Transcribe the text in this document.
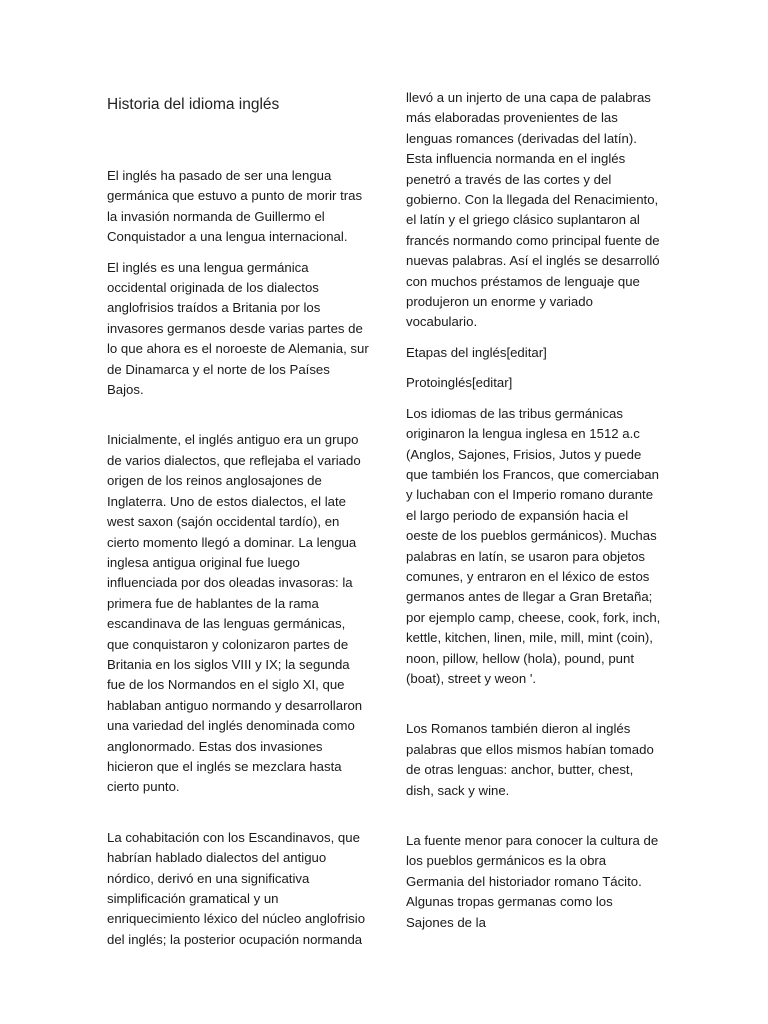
Historia del idioma inglés

El inglés ha pasado de ser una lengua germánica que estuvo a punto de morir tras la invasión normanda de Guillermo el Conquistador a una lengua internacional.

El inglés es una lengua germánica occidental originada de los dialectos anglofrisios traídos a Britania por los invasores germanos desde varias partes de lo que ahora es el noroeste de Alemania, sur de Dinamarca y el norte de los Países Bajos.

Inicialmente, el inglés antiguo era un grupo de varios dialectos, que reflejaba el variado origen de los reinos anglosajones de Inglaterra. Uno de estos dialectos, el late west saxon (sajón occidental tardío), en cierto momento llegó a dominar. La lengua inglesa antigua original fue luego influenciada por dos oleadas invasoras: la primera fue de hablantes de la rama escandinava de las lenguas germánicas, que conquistaron y colonizaron partes de Britania en los siglos VIII y IX; la segunda fue de los Normandos en el siglo XI, que hablaban antiguo normando y desarrollaron una variedad del inglés denominada como anglonormado. Estas dos invasiones hicieron que el inglés se mezclara hasta cierto punto.

La cohabitación con los Escandinavos, que habrían hablado dialectos del antiguo nórdico, derivó en una significativa simplificación gramatical y un enriquecimiento léxico del núcleo anglofrisio del inglés; la posterior ocupación normanda

llevó a un injerto de una capa de palabras más elaboradas provenientes de las lenguas romances (derivadas del latín). Esta influencia normanda en el inglés penetró a través de las cortes y del gobierno. Con la llegada del Renacimiento, el latín y el griego clásico suplantaron al francés normando como principal fuente de nuevas palabras. Así el inglés se desarrolló con muchos préstamos de lenguaje que produjeron un enorme y variado vocabulario.

Etapas del inglés[editar]

Protoinglés[editar]

Los idiomas de las tribus germánicas originaron la lengua inglesa en 1512 a.c (Anglos, Sajones, Frisios, Jutos y puede que también los Francos, que comerciaban y luchaban con el Imperio romano durante el largo periodo de expansión hacia el oeste de los pueblos germánicos). Muchas palabras en latín, se usaron para objetos comunes, y entraron en el léxico de estos germanos antes de llegar a Gran Bretaña; por ejemplo camp, cheese, cook, fork, inch, kettle, kitchen, linen, mile, mill, mint (coin), noon, pillow, hellow (hola), pound, punt (boat), street y weon '.

Los Romanos también dieron al inglés palabras que ellos mismos habían tomado de otras lenguas: anchor, butter, chest, dish, sack y wine.

La fuente menor para conocer la cultura de los pueblos germánicos es la obra Germania del historiador romano Tácito. Algunas tropas germanas como los Sajones de la
